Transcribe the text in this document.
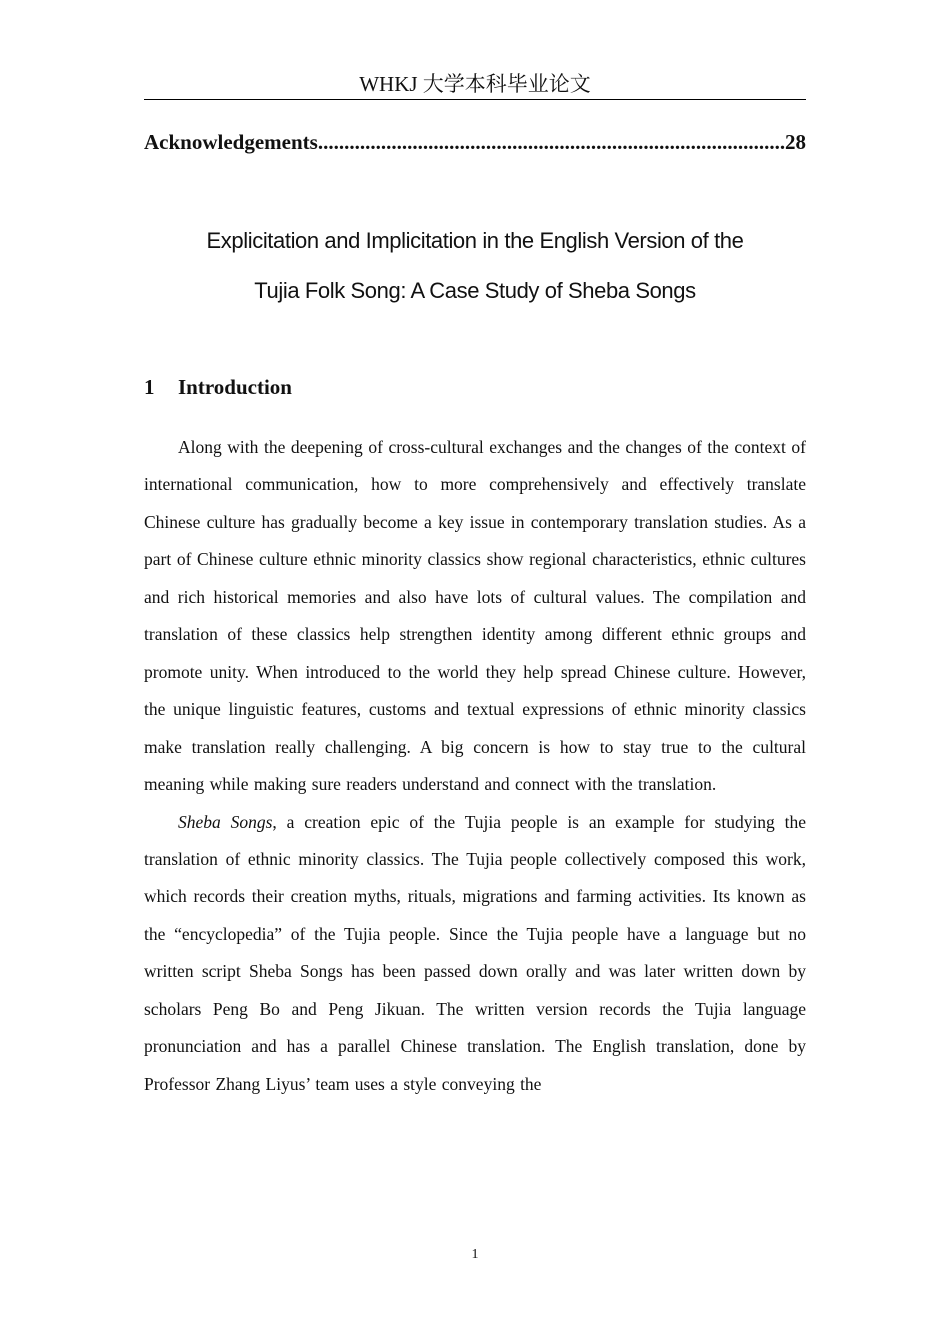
WHKJ 大学本科毕业论文
Acknowledgements
.....	28
Explicitation and Implicitation in the English Version of the
Tujia Folk Song: A Case Study of Sheba Songs
1 Introduction

Along with the deepening of cross-cultural exchanges and the changes of the context of international communication, how to more comprehensively and effectively translate Chinese culture has gradually become a key issue in contemporary translation studies. As a part of Chinese culture ethnic minority classics show regional characteristics, ethnic cultures and rich historical memories and also have lots of cultural values. The compilation and translation of these classics help strengthen identity among different ethnic groups and promote unity. When introduced to the world they help spread Chinese culture. However, the unique linguistic features, customs and textual expressions of ethnic minority classics make translation really challenging. A big concern is how to stay true to the cultural meaning while making sure readers understand and connect with the translation.

Sheba Songs, a creation epic of the Tujia people is an example for studying the translation of ethnic minority classics. The Tujia people collectively composed this work, which records their creation myths, rituals, migrations and farming activities. Its known as the “encyclopedia” of the Tujia people. Since the Tujia people have a language but no written script Sheba Songs has been passed down orally and was later written down by scholars Peng Bo and Peng Jikuan. The written version records the Tujia language pronunciation and has a parallel Chinese translation. The English translation, done by Professor Zhang Liyus’ team uses a style conveying the

1
